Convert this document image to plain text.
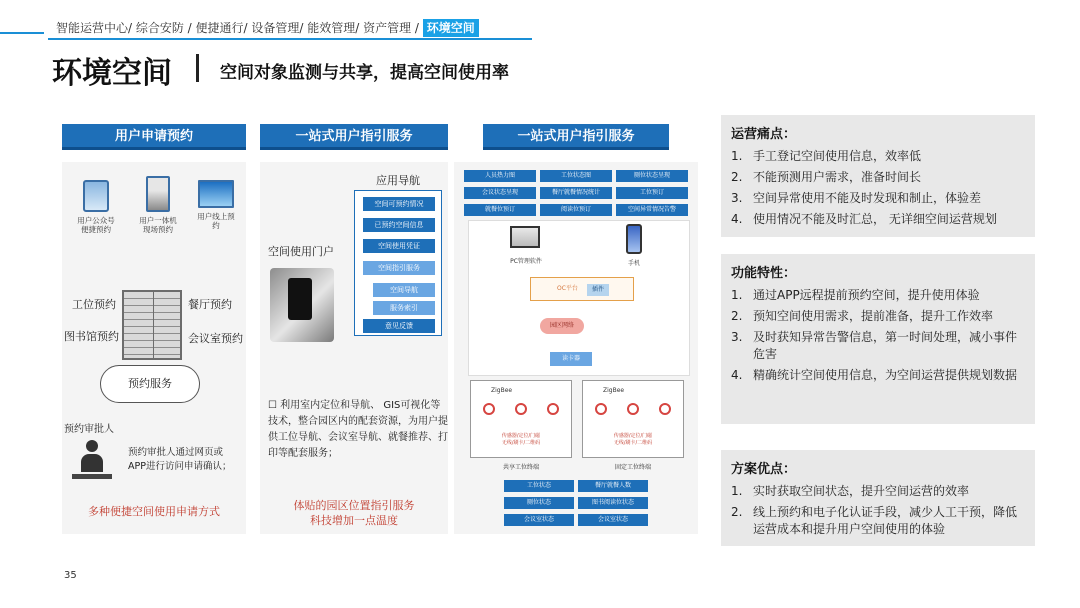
智能运营中心/ 综合安防 / 便捷通行/ 设备管理/ 能效管理/ 资产管理 / 环境空间
环境空间	空间对象监测与共享，提高空间使用率
用户申请预约
用户公众号
便捷预约
用户一体机
现场预约
用户线上预
约
工位预约	餐厅预约
图书馆预约	会议室预约
预约服务
预约审批人
预约审批人通过网页或APP进行访问申请确认；
多种便捷空间使用申请方式
一站式用户指引服务
应用导航
空间使用门户
空间可预约情况
已预约空间信息
空间使用凭证
空间指引服务
空间导航
服务索引
意见反馈
☐ 利用室内定位和导航、 GIS可视化等技术，整合园区内的配套资源，为用户提供工位导航、会议室导航、就餐推荐、打印等配套服务；
体贴的园区位置指引服务
科技增加一点温度
一站式用户指引服务
人员热力图	工位状态图	厕位状态呈现
会议状态呈现	餐厅就餐情况统计	工位预订
就餐位预订	阅读位预订	空间异常情况告警
PC管理软件	手机
OC平台	插件
园区网络
读卡器
ZigBee
传感器/定位/门磁
无线/刷卡/二维码
共享工位终端
ZigBee
传感器/定位/门磁
无线/刷卡/二维码
固定工位终端
工位状态	餐厅就餐人数
厕位状态	图书阅读位状态
会议室状态	会议室状态
运营痛点：
1. 手工登记空间使用信息，效率低
2. 不能预测用户需求，准备时间长
3. 空间异常使用不能及时发现和制止，体验差
4. 使用情况不能及时汇总， 无详细空间运营规划
功能特性：
1. 通过APP远程提前预约空间，提升使用体验
2. 预知空间使用需求，提前准备，提升工作效率
3. 及时获知异常告警信息，第一时间处理，减小事件危害
4. 精确统计空间使用信息，为空间运营提供规划数据
方案优点：
1. 实时获取空间状态，提升空间运营的效率
2. 线上预约和电子化认证手段，减少人工干预，降低运营成本和提升用户空间使用的体验
35
